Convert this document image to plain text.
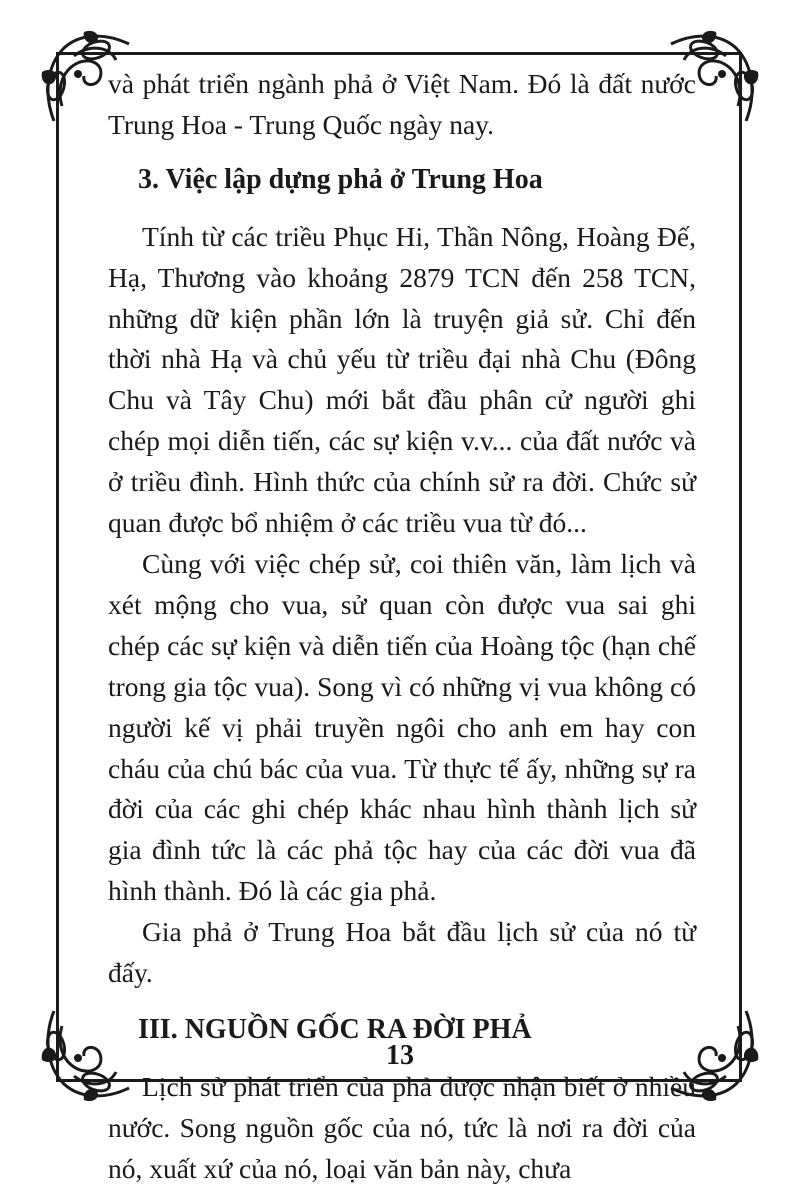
và phát triển ngành phả ở Việt Nam. Đó là đất nước Trung Hoa - Trung Quốc ngày nay.

3. Việc lập dựng phả ở Trung Hoa

Tính từ các triều Phục Hi, Thần Nông, Hoàng Đế, Hạ, Thương vào khoảng 2879 TCN đến 258 TCN, những dữ kiện phần lớn là truyện giả sử. Chỉ đến thời nhà Hạ và chủ yếu từ triều đại nhà Chu (Đông Chu và Tây Chu) mới bắt đầu phân cử người ghi chép mọi diễn tiến, các sự kiện v.v... của đất nước và ở triều đình. Hình thức của chính sử ra đời. Chức sử quan được bổ nhiệm ở các triều vua từ đó...

Cùng với việc chép sử, coi thiên văn, làm lịch và xét mộng cho vua, sử quan còn được vua sai ghi chép các sự kiện và diễn tiến của Hoàng tộc (hạn chế trong gia tộc vua). Song vì có những vị vua không có người kế vị phải truyền ngôi cho anh em hay con cháu của chú bác của vua. Từ thực tế ấy, những sự ra đời của các ghi chép khác nhau hình thành lịch sử gia đình tức là các phả tộc hay của các đời vua đã hình thành. Đó là các gia phả.

Gia phả ở Trung Hoa bắt đầu lịch sử của nó từ đấy.

III. NGUỒN GỐC RA ĐỜI PHẢ

Lịch sử phát triển của phả được nhận biết ở nhiều nước. Song nguồn gốc của nó, tức là nơi ra đời của nó, xuất xứ của nó, loại văn bản này, chưa

13
